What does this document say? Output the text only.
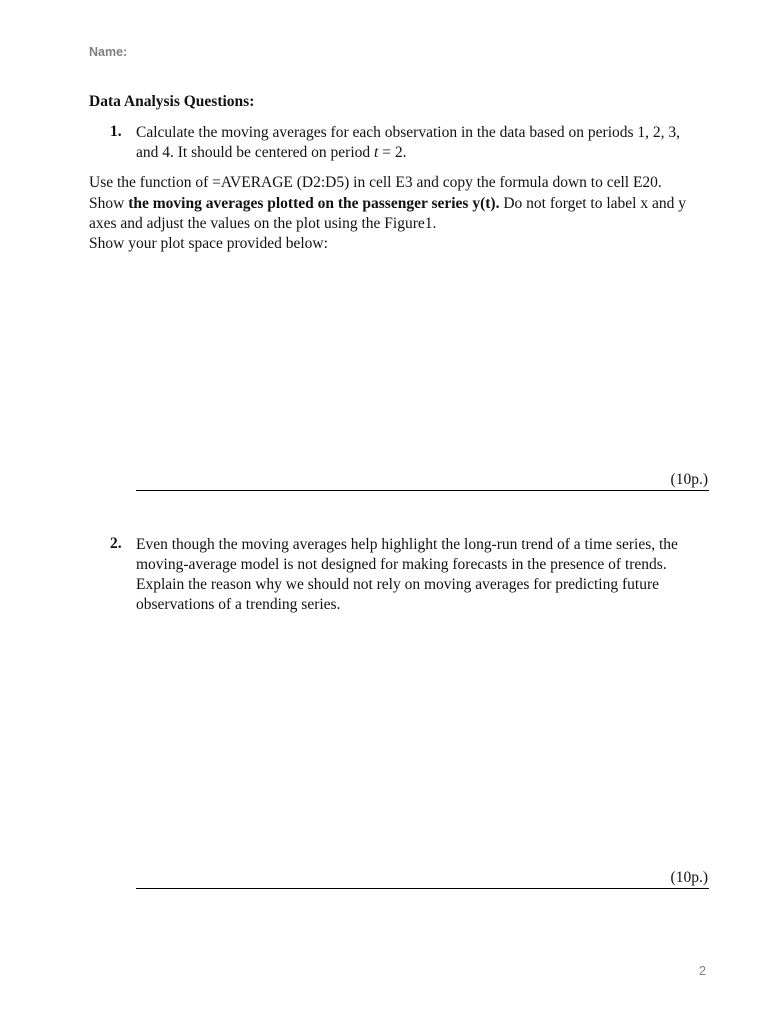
Name:
Data Analysis Questions:
1. Calculate the moving averages for each observation in the data based on periods 1, 2, 3,
and 4. It should be centered on period t = 2.
Use the function of =AVERAGE (D2:D5) in cell E3 and copy the formula down to cell E20.
Show the moving averages plotted on the passenger series y(t). Do not forget to label x and y
axes and adjust the values on the plot using the Figure1.
Show your plot space provided below:
(10p.)
2. Even though the moving averages help highlight the long-run trend of a time series, the
moving-average model is not designed for making forecasts in the presence of trends.
Explain the reason why we should not rely on moving averages for predicting future
observations of a trending series.
(10p.)
2
